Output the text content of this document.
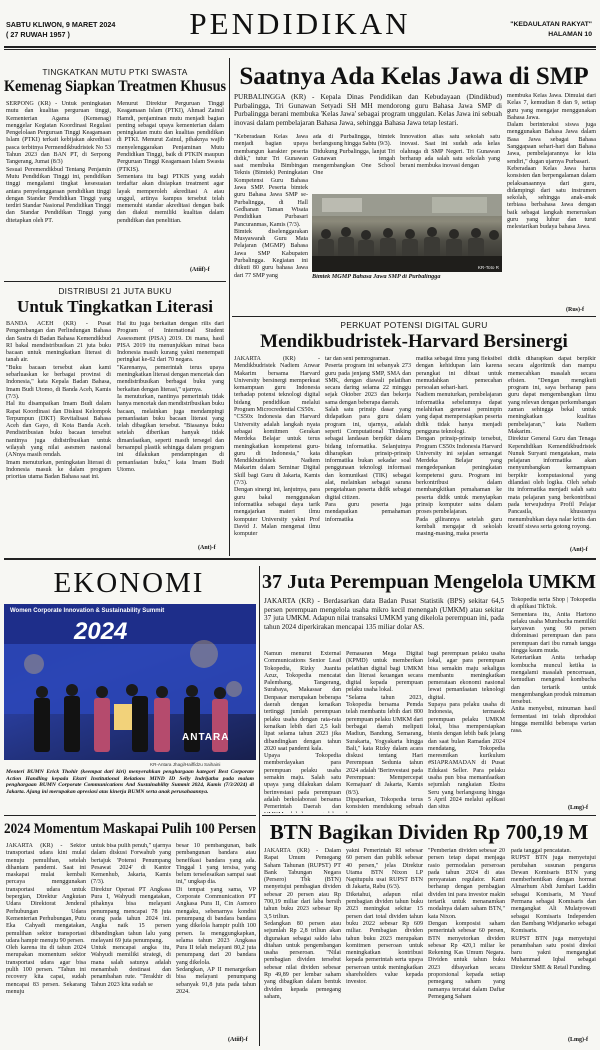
SABTU KLIWON, 9 MARET 2024
( 27 RUWAH 1957 )	PENDIDIKAN	"KEDAULATAN RAKYAT"
HALAMAN 10
TINGKATKAN MUTU PTKI SWASTA
Kemenag Siapkan Treatmen Khusus

SERPONG (KR) - Untuk peningkatan mutu dan kualitas perguruan tinggi, Kementerian Agama (Kemenag) menggelar Kegiatan Koordinasi Regulasi Pengelolaan Perguruan Tinggi Keagamaan Islam (PTKI) terkait kebijakan akreditasi pasca terbitnya Permendikbudristek No 53 Tahun 2023 dan BAN PT, di Serpong Tangerang, Jumat (8/3)
Sesuai Peremendikbud Tentang Penjamin Mutu Pendidikan Tinggi ini, pendidikan tinggi mengalami tingkat kesesuaian antara penyelenggaraan pendidikan tinggi dengan Standar Pendidikan Tinggi yang terdiri Standar Nasional Pendidikan Tinggi dan Standar Pendidikan Tinggi yang ditetapkan oleh PT.

Menurut Direktur Perguruan Tinggi Keagamaan Islam (PTKI), Ahmad Zainul Hamdi, penjaminan mutu menjadi bagian penting sebagai upaya kementerian dalam peningkatan mutu dan kualitas pendidikan di PTKI. Menurut Zainul, pihaknya wajib menyelenggarakan Penjaminan Mutu Pendidikan Tinggi, baik di PTKIN maupun Perguruan Tinggi Keagamaan Islam Swasta (PTKIS).
Sementara itu bagi PTKIS yang sudah terdaftar akan disiapkan treatment agar layak memperoleh akreditasi A atau unggul, artinya kampus tersebut telah memenuhi standar akreditasi dengan baik dan diakui memiliki kualitas dalam pendidikan dan penelitian.

(Atiif)-f
DISTRIBUSI 21 JUTA BUKU
Untuk Tingkatkan Literasi

BANDA ACEH (KR) - Pusat Pengembangan dan Perlindungan Bahasa dan Sastra di Badan Bahasa Kemendikbud RI bakal mendistribusikan 21 juta buku bacaan untuk meningkatkan literasi di tanah air.
"Buku bacaan tersebut akan kami sebarluaskan ke berbagai provinsi di Indonesia," kata Kepala Badan Bahasa, Imam Budi Utomo, di Banda Aceh, Kamis (7/3).
Hal itu disampaikan Imam Budi dalam Rapat Koordinasi dan Diskusi Kelompok Terpumpun (DKT) Revitalisasi Bahasa Aceh dan Gayo, di Kota Banda Aceh. Pendistribusian buku bacaan tersebut nantinya juga didistribusikan untuk wilayah yang nilai asesmen nasional (ANnya masih rendah.
Imam menuturkan, peningkatan literasi di Indonesia masuk ke dalam program prioritas utama Badan Bahasa saat ini.

Hal itu juga berkaitan dengan rilis dari Program of International Student Assessment (PISA) 2019. Di mana, hasil PISA 2019 itu menunjukkan minat baca Indonesia masih kurang yakni menempati peringkat ke-62 dari 70 negara.
"Karenanya, pemerintah terus upaya meningkatkan literasi dengan mencetak dan mendistribusikan berbagai buku yang berkaitan dengan literasi," ujarnya.
Ia menuturkan, nantinya pemerintah tidak hanya mencetak dan mendistribusikan buku bacaan, melainkan juga mendampingi pemanfaatan buku bacaan literasi yang telah dibagikan tersebut. "Biasanya buku setelah diberikan hanyak tidak dimanfaatkan, seperti masih tersegel dan bersampul plastik sehingga dalam program ini dilakukan pendampingan di pemanfaatan buku," kata Imam Budi Utomo.

(Ant)-f
Saatnya Ada Kelas Jawa di SMP

PURBALINGGA (KR) - Kepala Dinas Pendidikan dan Kebudayaan (Dindikbud) Purbalingga, Tri Gunawan Setyadi SH MH mendorong guru Bahasa Jawa SMP di Purbalingga berani membuka 'Kelas Jawa' sebagai program unggulan. Kelas Jawa ini sebuah inovasi dalam pembelajaran Bahasa Jawa, sehingga Bahasa Jawa tetap lestari.

"Keberadaan Kelas Jawa menjadi bagian upaya membangun karakter peserta didik," tutur Tri Gunawan saat membuka Bimbingan Teknis (Bimtek) Peningkatan Kompetensi Guru Bahasa Jawa SMP. Peserta bimtek guru Bahasa Jawa SMP se-Purbalingga, di Hall Gedhanan Taman Wisata Pendidikan Purbasari Pancuranmas, Kamis (7/3).
Bimtek diselenggarakan Musyawarah Guru Mata Pelajaran (MGMP) Bahasa Jawa SMP Kabupaten Purbalingga. Kegiatan ini diikuti 80 guru bahasa Jawa dari 77 SMP yang

ada di Purbalingga, bimtek berlangsung hingga Sabtu (9/3).
Didukung Purbalingga, lanjut Tri Gunawan tengah mengembangkan One School One

Innovation alias satu sekolah satu inovasi. Saat ini sudah ada kelas olahraga di SMP Negeri. Tri Gunawan berharap ada salah satu sekolah yang berani membuka inovasi dengan

membuka Kelas Jawa. Dimulai dari Kelas 7, kemudian 8 dan 9, setiap guru yang mengajar menggunakan Bahasa Jawa.
Dalam berinteraksi siswa juga menggunakan Bahasa Jawa dalam Basa Jawa sebagai Bahasa Sanggapaan sehari-hari dan Bahasa Jawa, pembelajarannya ke kita sendiri," dugan ujarnya Purbasari.
Keberadaan Kelas Jawa harus konsisten dan berpengalaman dalam pelaksanaannya dari guru, didampingi dari satu instrumen sekolah, sehingga anak-anak terbiasa berbahasa Jawa dengan baik sebagai langkah meneruskan guru yang luhur dan turut melestarikan budaya bahasa Jawa.

(Rus)-f
KR-Toto R
Bimtek MGMP Bahasa Jawa SMP di Purbalingga
PERKUAT POTENSI DIGITAL GURU
Mendikbudristek-Harvard Bersinergi

JAKARTA (KR) - Mendikbudristek Nadiem Anwar Makarim bersama Harvard University bersinergi memperkuat kemampuan guru Indonesia terhadap potensi teknologi digital bidang pendidikan melalui Program Microcredential CS50x.
"CS50x Indonesia dan Harvard University adalah langkah nyata sebagai komitmen Gerakan Merdeka Belajar untuk terus meningkatkan kompetensi guru-guru di Indonesia," kata Mendikbudristek Nadiem Makarim dalam Seminar Digital Skill bagi Guru di Jakarta, Kamis (7/3).
Dengan sinergi ini, lanjutnya, para guru bakal menggunakan informatika sebagai daya tarik mengajarkan materi ilmu komputer University yakni Prof David J. Malan mengenai ilmu komputer

tar dan seni pemrograman.
Peserta program ini sebanyak 273 guru pada jenjang SMP, SMA dan SMK, dengan diawali pelatihan secara daring selama 22 minggu sejak Oktober 2023 dan bekerja sama dengan beberapa daerah.
Salah satu prinsip dasar yang didapatkan para guru dalam program ini, ujarnya, adalah seperti Computational Thinking sebagai landasan berpikir dalam bidang informatika. Selanjutnya diharapkan prinsip-prinsip informatika bukan sekadar soal penggunaan teknologi informasi dan komunikasi (TIK) sebagai alat, melainkan sebagai sarana pengetahuan peserta didik sebagai digital citizen.
Para guru peserta juga mendapatkan pemahaman informatika

matika sebagai ilmu yang fleksibel dengan kehidupan lain karena perangkat ini dibuat untuk memudahkan pemecahan persoalan sehari-hari.
Nadiem menuturkan, pembelajaran informatika sebelumnya dapat melahirkan generasi pemimpin yang dapat mempersiapkan peserta didik tidak hanya menjadi pengguna teknologi.
Dengan prinsip-prinsip tersebut, Program CS50x Indonesia Harvard University ini sejalan semangat Merdeka Belajar yang mengedepankan peningkatan kompetensi guru. Program ini berkontribusi dalam membangkitkan pemahaman ke peserta didik untuk menyiapkan prinsip komputer sains dalam proses pembelajaran.
Pada gilirannya setelah guru kembali mengajar di sekolah masing-masing, maka peserta

didik diharapkan dapat berpikir secara algoritmik dan mampu memecahkan masalah secara efisien. "Dengan mengikuti program ini, saya berharap para guru dapat mengembangkan ilmu yang relevan dengan perkembangan zaman sehingga bekal untuk meningkatkan kualitas pembelajaran," kata Nadiem Makarim.
Direktur General Guru dan Tenaga Kependidikan Kemendikbudristek Nunuk Suryani mengatakan, mata pelajaran informatika akan menyumbangkan kemampuan berpikir komputasional yang dilandasi oleh logika. Oleh sebab itu informatika menjadi salah satu mata pelajaran yang berkontribusi pada terwujudnya Profil Pelajar Pancasila, khususnya menumbuhkan daya nalar kritis dan kreatif siswa serta gotong royong.

(Ant)-f
EKONOMI
Women Corporate Innovation & Sustainability Summit
2024
ANTARA
KR-Antara Jhagi/Haiffidzu Saihaini
Menteri BUMN Erick Thohir (keempat dari kiri) menyerahkan penghargaan kategori Best Corporate Action Handling kepada Ekstri Institutional Relations MIND ID Selly Indrijatha pada malam penghargaan BUMN Corporate Communications And Sustainability Summit 2024, Kamis (7/3/2024) di Jakarta. Ajang ini merupakan apresiasi atas kinerja BUMN serta anak perusahaannya.
37 Juta Perempuan Mengelola UMKM

JAKARTA (KR) - Berdasarkan data Badan Pusat Statistik (BPS) sekitar 64,5 persen perempuan mengelola usaha mikro kecil menengah (UMKM) atau sekitar 37 juta UMKM. Adapun nilai transaksi UMKM yang dikelola perempuan ini, pada tahun 2024 diperkirakan mencapai 135 miliar dolar AS.

Namun menurut External Communications Senior Lead Tokopedia, Rizky Juanita Azuz, Tokopedia mencatat Palembang, Tangerang, Surabaya, Makassar dan Denpasar merupakan beberapa daerah dengan kenaikan tertinggi jumlah perempuan pelaku usaha dengan rata-rata kenaikan lebih dari 2,5 kali lipat selama tahun 2023 jika dibandingkan dengan tahun 2020 saat pandemi kala.
Upaya Tokopedia memberdayakan para perempuan pelaku usaha semakin maju. Salah satu upaya yang dilakukan dalam berinvestasi pada perempuan adalah berkolaborasi bersama Pemerintah Daerah dan

Pemasaran Mega Digital (KPMD) untuk memberikan pelatihan digital bagi UMKM dan literasi keuangan secara digital kepada perempuan pelaku usaha lokal.
"Selama tahun 2023, Tokopedia bersama Pemda telah membantu lebih dari 800 perempuan pelaku UMKM dari berbagai daerah meliputi Madiun, Bandung, Semarang, Surakarta, Yogyakarta hingga Bali," kata Rizky dalam acara diskusi tentang Hari Perempuan Sedunia tahun 2024 adalah 'Berinvestasi pada Perempuan: Mempercepat Kemajuan' di Jakarta, Kamis (8/3).
Dipaparkan, Tokopedia terus konsisten mendukung sebuah

bagi perempuan pelaku usaha lokal, agar para perempuan bisa semakin maju sekaligus membantu meningkatkan pemerataan ekonomi nasional lewat pemanfaatan teknologi digital.
Supaya para pelaku usaha di Indonesia, termasuk perempuan pelaku UMKM lokal, bisa mempersiapkan bisnis dengan lebih baik jelang dan saat bulan Ramadan 2024 mendatang, Tokopedia meresmikan kurikulum #SIAPRAMADAN di Pusat Edukasi Seller. Para pelaku usaha pun bisa memanfaatkan sejumlah rangkaian Ekstra Seru yang berlangsung hingga 5 April 2024 melalui aplikasi dan situs

Tokopedia serta Shop | Tokopedia di aplikasi TikTok.
Sementara itu, Anita Hartono pelaku usaha Mumbucha memiliki karyawan yang 90 persen didominasi perempuan dan para perempuan dari ibu rumah tangga hingga kaum muda.
Ketertarikan Anita terhadap kombucha muncul ketika ia mengalami masalah pencernaan, kemudian mengenal kombucha dan tertarik untuk mengembangkan produk minuman tersebut.
Anita menyebut, minuman hasil fermentasi ini telah diproduksi hingga memiliki beberapa varian rasa.

(Lmg)-f
2024 Momentum Maskapai Pulih 100 Persen

JAKARTA (KR) - Sektor transportasi udara kini mulai menuju pemulihan, setelah dihantam pandemi. Saat ini maskapai mulai kembali percaya menggunakan transportasi udara untuk bepergian, Direktur Angkutan Udara Direktorat Jenderal Perhubungan Udara Kementerian Perhubungan, Putu Eka Cahyadi mengatakan, pemulihan sektor transportasi udara hampir menuju 90 persen.
Oleh karena itu di tahun 2024 merupakan momentum sektor transportasi udara agar bisa pulih 100 persen. "Tahun ini recovery kita capai, sudah mencapai 83 persen. Sekarang menuju

untuk bisa pulih penuh," ujarnya dalam diskusi Forwahub yang bertajuk 'Potensi Penumpang Pesawat 2024' di Kantor Kemenhub, Jakarta, Kamis (7/3).
Direktur Operasi PT Angkasa Pura I, Wahyudi mengatakan, pihaknya bisa melayani penumpang mencapai 78 juta orang pada tahun 2024 ini. Angka naik 15 persen dibandingkan tahun lalu yang melayani 69 juta penumpang.
Untuk mencapai angka itu, Wahyudi memiliki strategi, di mana salah satunya adalah menambah destinasi dan penambahan rute. "Terakhir di Tahun 2023 kita sudah se

besar 10 pembangunan, baik pembangunan bandara atau benefikasi bandara yang ada. Tinggal 1 yang tersisa, yang belum terselesaikan sampai saat ini," ungkap dia.
Di tempat yang sama, VP Corporate Communication PT Angkasa Pura II, Cin Asmoro mengaku, sebenarnya kondisi penumpang di bandara bandara yang dikelola hampir pulih 100 persen. Ia menggungkapkan, selama tahun 2023 Angkasa Pura II telah melayani 80,2 juta penumpang dari 20 bandara yang dikelola.
Sedangkan, AP II menargetkan bisa melayani penumpang sebanyak 91,8 juta pada tahun 2024.

(Atiif)-f
BTN Bagikan Dividen Rp 700,19 M

JAKARTA (KR) - Dalam Rapat Umum Pemegang Saham Tahunan (RUPST) PT Bank Tabungan Negara (Persero) Tbk (BTN) menyetujui pembagian dividen sebesar 20 persen atau Rp 700,19 miliar dari laba bersih tahun buku 2023 sebesar Rp 3,5 triliun.
Sedangkan 80 persen atau sejumlah Rp 2,8 triliun akan digunakan sebagai saldo laba ditahan untuk pengembangan usaha perseroan. "Nilai pembagian dividen tersebut sebesar nilai dividen sebesar Rp 49,89 per lembar saham yang dibagikan dalam bentuk dividen kepada pemegang saham,

yakni Pemerintah RI sebesar 60 persen dan publik sebesar 40 persen," jelas Direktur Utama BTN Nixon LP Napitupulu usai RUPST BTN di Jakarta, Rabu (6/3).
Diketahui, adapun nilai pembagian dividen tahun buku 2023 meningkat sekitar 15 persen dari total dividen tahun buku 2022 sebesar Rp 609 miliar. Pembagian dividen tahun buku 2023 merupakan komitmen perseroan untuk meningkatkan kontribusi kepada pemerintah serta upaya perseroan untuk meningkatkan shareholders value kepada investor.

"Pemberian dividen sebesar 20 persen tetap dapat menjaga rasio permodalan perseroan pada tahun 2024 di atas persyaratan regulator. Kami berharap dengan pembagian dividen ini para investor makin tertarik untuk menanamkan modalnya dalam saham BTN," kata Nixon.
Dengan komposisi saham pemerintah sebesar 60 persen, BTN menyetorkan dividen sebesar Rp 420,1 miliar ke Rekening Kas Umum Negara. Dividen untuk tahun buku 2023 dibayarkan secara proporsional kepada setiap pemegang saham yang namanya tercatat dalam Daftar Pemegang Saham

pada tanggal pencatatan.
RUPST BTN juga menyetujui perubahan susunan pengurus Dewan Komisaris BTN yang memberhentikan dengan hormat Almarhum Abdi Jumhari Laddin sebagai Komisaris, M Yusuf Permana sebagai Komisaris dan mengangkat Ali Mulatyowati sebagai Komisaris Independen dan Bambang Widjanarko sebagai Komisaris.
RUPST BTN juga menyetujui penambahan satu posisi direksi baru yakni mengangkat Muhammad Iqbal sebagai Direktur SME & Retail Funding.

(Lmg)-f
